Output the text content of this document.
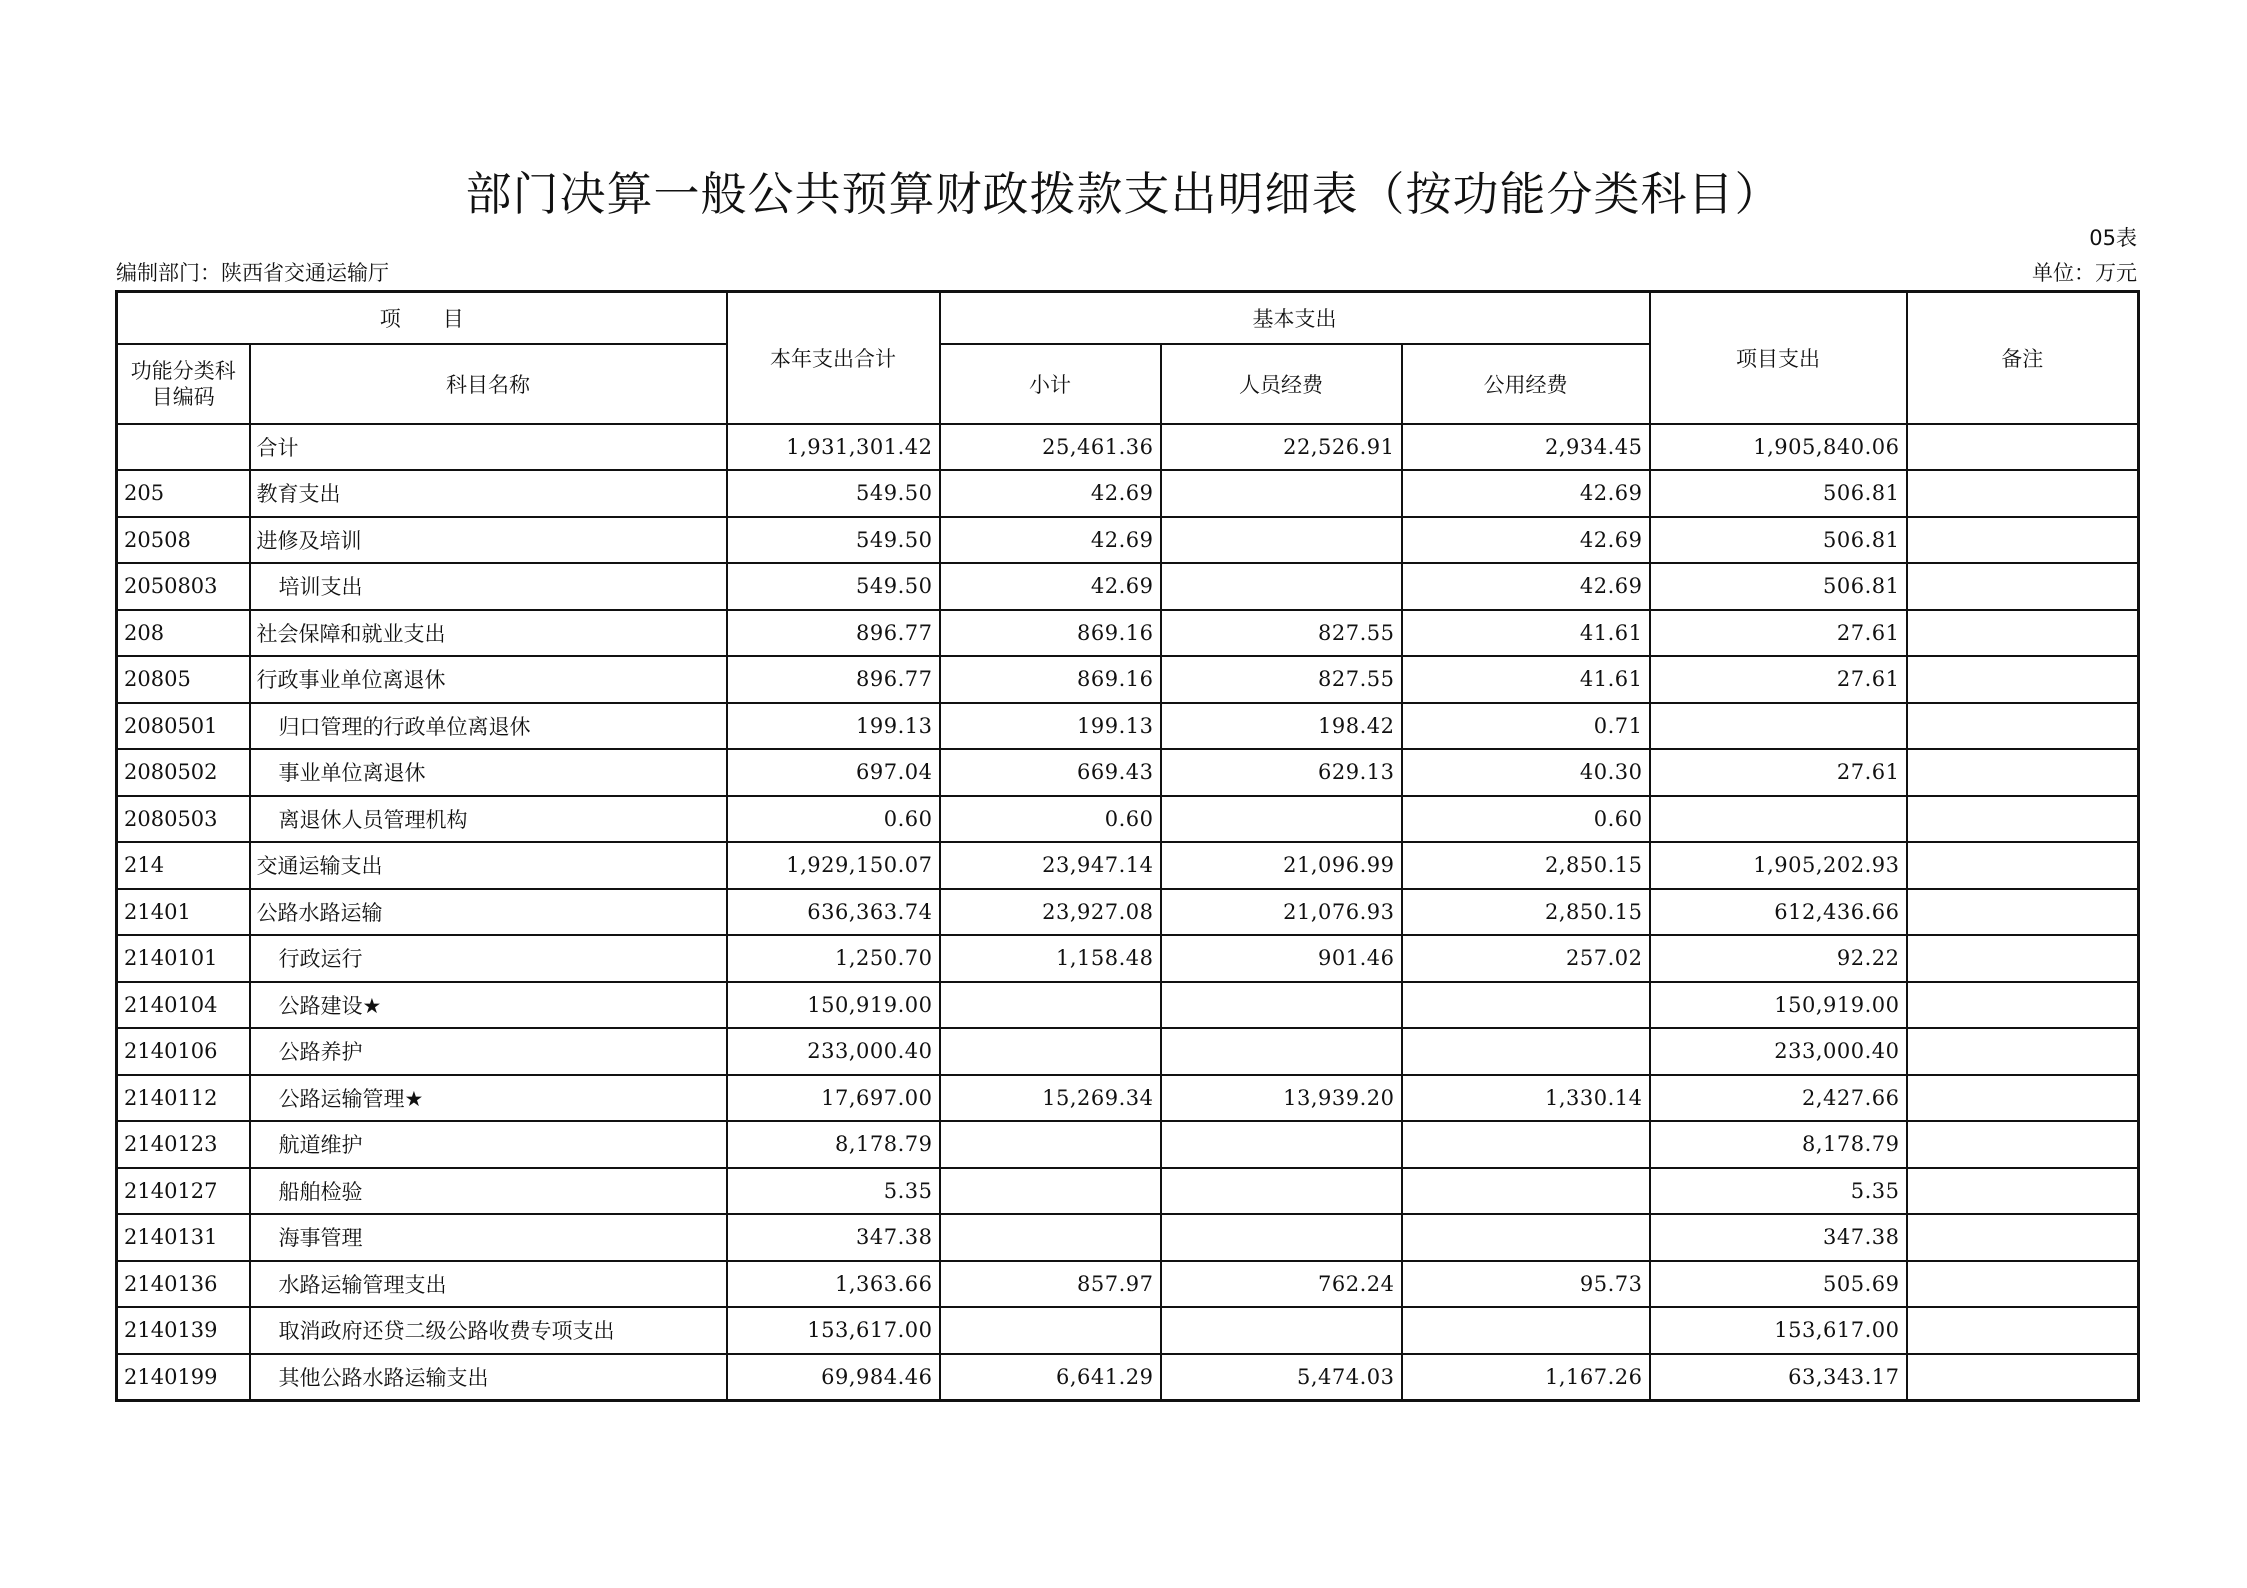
部门决算一般公共预算财政拨款支出明细表（按功能分类科目）
05表
编制部门：陕西省交通运输厅	单位：万元
项　　目		本年支出合计	基本支出			项目支出	备注
功能分类科目编码	科目名称		小计	人员经费	公用经费		
	合计	1,931,301.42	25,461.36	22,526.91	2,934.45	1,905,840.06	
205	教育支出	549.50	42.69		42.69	506.81	
20508	进修及培训	549.50	42.69		42.69	506.81	
2050803	培训支出	549.50	42.69		42.69	506.81	
208	社会保障和就业支出	896.77	869.16	827.55	41.61	27.61	
20805	行政事业单位离退休	896.77	869.16	827.55	41.61	27.61	
2080501	归口管理的行政单位离退休	199.13	199.13	198.42	0.71		
2080502	事业单位离退休	697.04	669.43	629.13	40.30	27.61	
2080503	离退休人员管理机构	0.60	0.60		0.60		
214	交通运输支出	1,929,150.07	23,947.14	21,096.99	2,850.15	1,905,202.93	
21401	公路水路运输	636,363.74	23,927.08	21,076.93	2,850.15	612,436.66	
2140101	行政运行	1,250.70	1,158.48	901.46	257.02	92.22	
2140104	公路建设★	150,919.00				150,919.00	
2140106	公路养护	233,000.40				233,000.40	
2140112	公路运输管理★	17,697.00	15,269.34	13,939.20	1,330.14	2,427.66	
2140123	航道维护	8,178.79				8,178.79	
2140127	船舶检验	5.35				5.35	
2140131	海事管理	347.38				347.38	
2140136	水路运输管理支出	1,363.66	857.97	762.24	95.73	505.69	
2140139	取消政府还贷二级公路收费专项支出	153,617.00				153,617.00	
2140199	其他公路水路运输支出	69,984.46	6,641.29	5,474.03	1,167.26	63,343.17	
